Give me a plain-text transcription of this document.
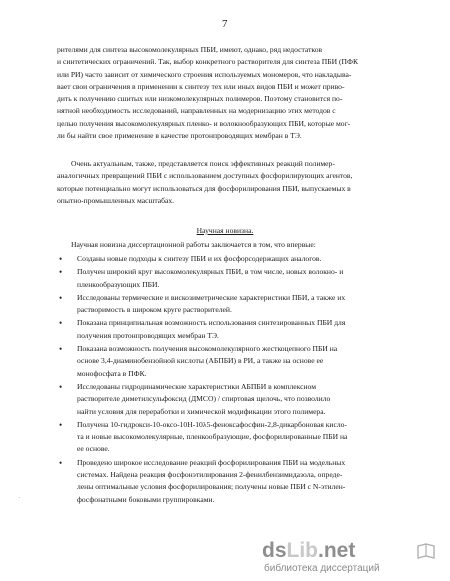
7
рителями для синтеза высокомолекулярных ПБИ, имеют, однако, ряд недостатков
и синтетических ограничений. Так, выбор конкретного растворителя для синтеза ПБИ (ПФК
или РИ) часто зависит от химического строения используемых мономеров, что накладыва-
вает свои ограничения в применении к синтезу тех или иных видов ПБИ и может приво-
дить к получению сшитых или низкомолекулярных полимеров. Поэтому становится по-
нятной необходимость исследований, направленных на модернизацию этих методов с
целью получения высокомолекулярных пленко- и волокнообразующих ПБИ, которые мог-
ли бы найти свое применение в качестве протонпроводящих мембран в ТЭ.
Очень актуальным, также, представляется поиск эффективных реакций полимер-
аналогичных превращений ПБИ с использованием доступных фосфорилирующих агентов,
которые потенциально могут использоваться для фосфорилирования ПБИ, выпускаемых в
опытно-промышленных масштабах.
Научная новизна.
Научная новизна диссертационной работы заключается в том, что впервые:
• Созданы новые подходы к синтезу ПБИ и их фосфорсодержащих аналогов.
• Получен широкий круг высокомолекулярных ПБИ, в том числе, новых волокно- и
пленкообразующих ПБИ.
• Исследованы термические и вискозиметрические характеристики ПБИ, а также их
растворимость в широком круге растворителей.
• Показана принципиальная возможность использования синтезированных ПБИ для
получения протонпроводящих мембран ТЭ.
• Показана возможность получения высокомолекулярного жесткоцепного ПБИ на
основе 3,4-диаминобензойной кислоты (АБПБИ) в РИ, а также на основе ее
монофосфата в ПФК.
• Исследованы гидродинамические характеристики АБПБИ в комплексном
растворителе диметилсульфоксид (ДМСО) / спиртовая щелочь, что позволило
найти условия для переработки и химической модификации этого полимера.
• Получена 10-гидрокси-10-оксо-10Н-10λ5-феноксафосфин-2,8-дикарбоновая кисло-
та и новые высокомолекулярные, пленкообразующие, фосфорилированные ПБИ на
ее основе.
• Проведено широкое исследование реакций фосфорилирования ПБИ на модельных
системах. Найдена реакция фосфонэтилирования 2-фенилбензимидазола, опреде-
лены оптимальные условия фосфорилирования; получены новые ПБИ с N-этилен-
фосфонатными боковыми группировками.
·
dsLib.net
библиотека диссертаций
